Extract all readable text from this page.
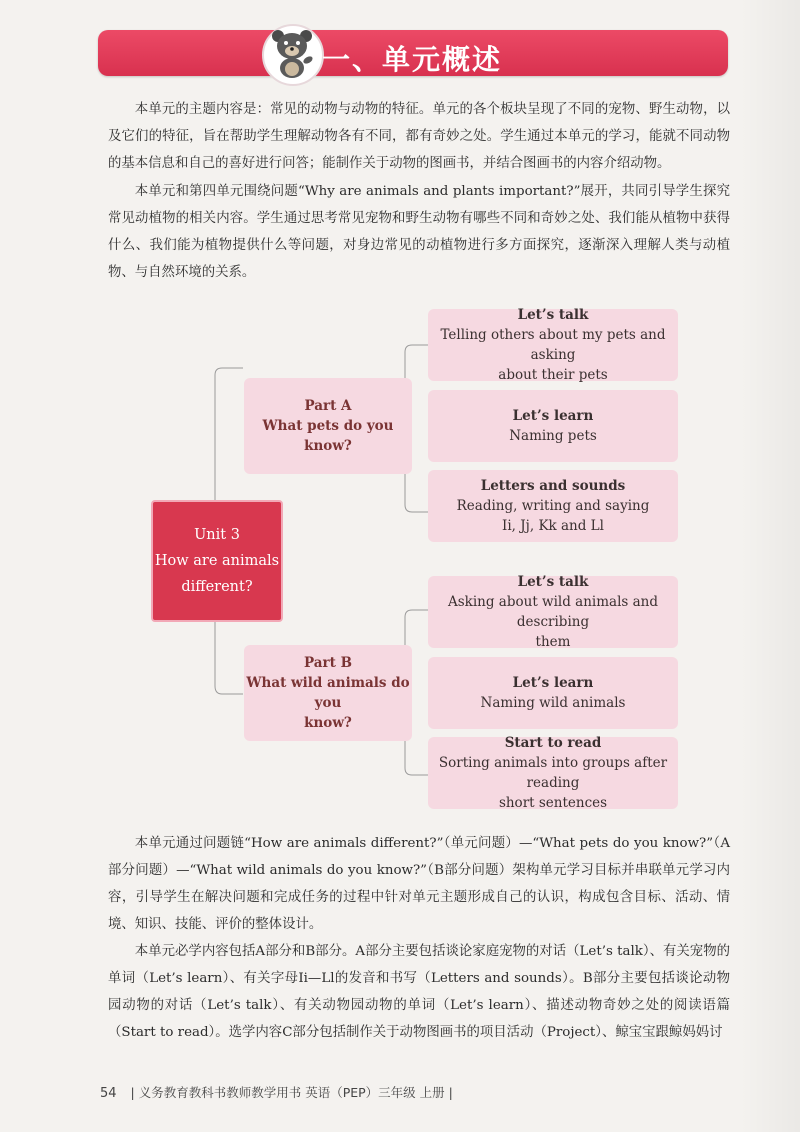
一、单元概述
本单元的主题内容是：常见的动物与动物的特征。单元的各个板块呈现了不同的宠物、野生动物，以及它们的特征，旨在帮助学生理解动物各有不同，都有奇妙之处。学生通过本单元的学习，能就不同动物的基本信息和自己的喜好进行问答；能制作关于动物的图画书，并结合图画书的内容介绍动物。
本单元和第四单元围绕问题“Why are animals and plants important?”展开，共同引导学生探究常见动植物的相关内容。学生通过思考常见宠物和野生动物有哪些不同和奇妙之处、我们能从植物中获得什么、我们能为植物提供什么等问题，对身边常见的动植物进行多方面探究，逐渐深入理解人类与动植物、与自然环境的关系。
Unit 3
How are animals
different?
Part A
What pets do you know?
Let’s talk
Telling others about my pets and asking
about their pets
Let’s learn
Naming pets
Letters and sounds
Reading, writing and saying
Ii, Jj, Kk and Ll
Part B
What wild animals do you
know?
Let’s talk
Asking about wild animals and describing
them
Let’s learn
Naming wild animals
Start to read
Sorting animals into groups after reading
short sentences
本单元通过问题链“How are animals different?”（单元问题）—“What pets do you know?”（A部分问题）—“What wild animals do you know?”（B部分问题）架构单元学习目标并串联单元学习内容，引导学生在解决问题和完成任务的过程中针对单元主题形成自己的认识，构成包含目标、活动、情境、知识、技能、评价的整体设计。
本单元必学内容包括A部分和B部分。A部分主要包括谈论家庭宠物的对话（Let’s talk）、有关宠物的单词（Let’s learn）、有关字母Ii—Ll的发音和书写（Letters and sounds）。B部分主要包括谈论动物园动物的对话（Let’s talk）、有关动物园动物的单词（Let’s learn）、描述动物奇妙之处的阅读语篇（Start to read）。选学内容C部分包括制作关于动物图画书的项目活动（Project）、鲸宝宝跟鲸妈妈讨
54 | 义务教育教科书教师教学用书 英语（PEP）三年级 上册 |
